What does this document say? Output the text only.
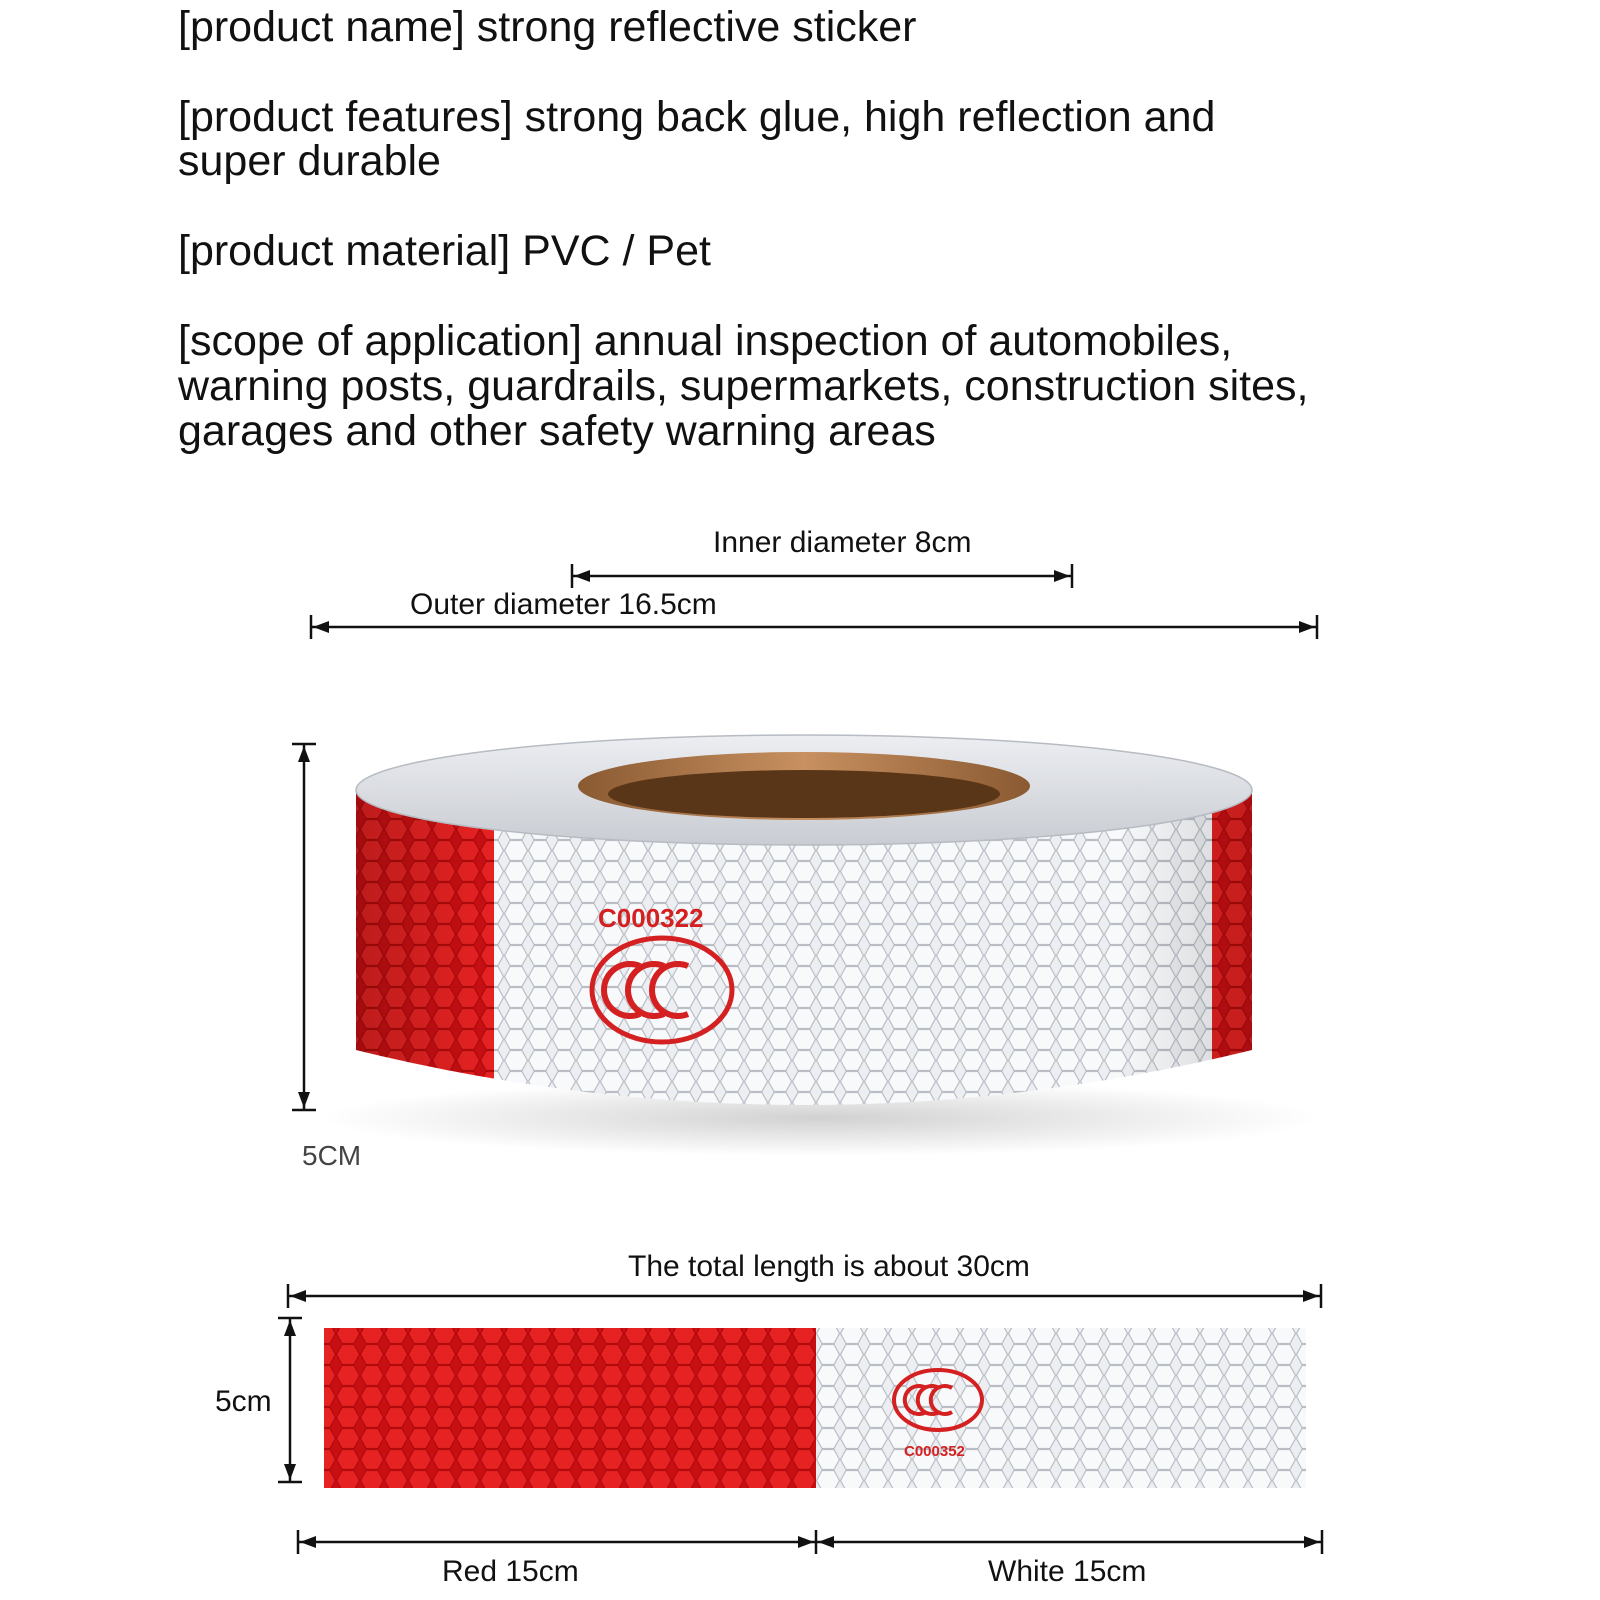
[product name] strong reflective sticker

[product features] strong back glue, high reflection and

super durable

[product material] PVC / Pet

[scope of application] annual inspection of automobiles,

warning posts, guardrails, supermarkets, construction sites,

garages and other safety warning areas

C000322
C000352
Inner diameter 8cm
Outer diameter 16.5cm
5CM
The total length is about 30cm
5cm
Red 15cm	White 15cm
